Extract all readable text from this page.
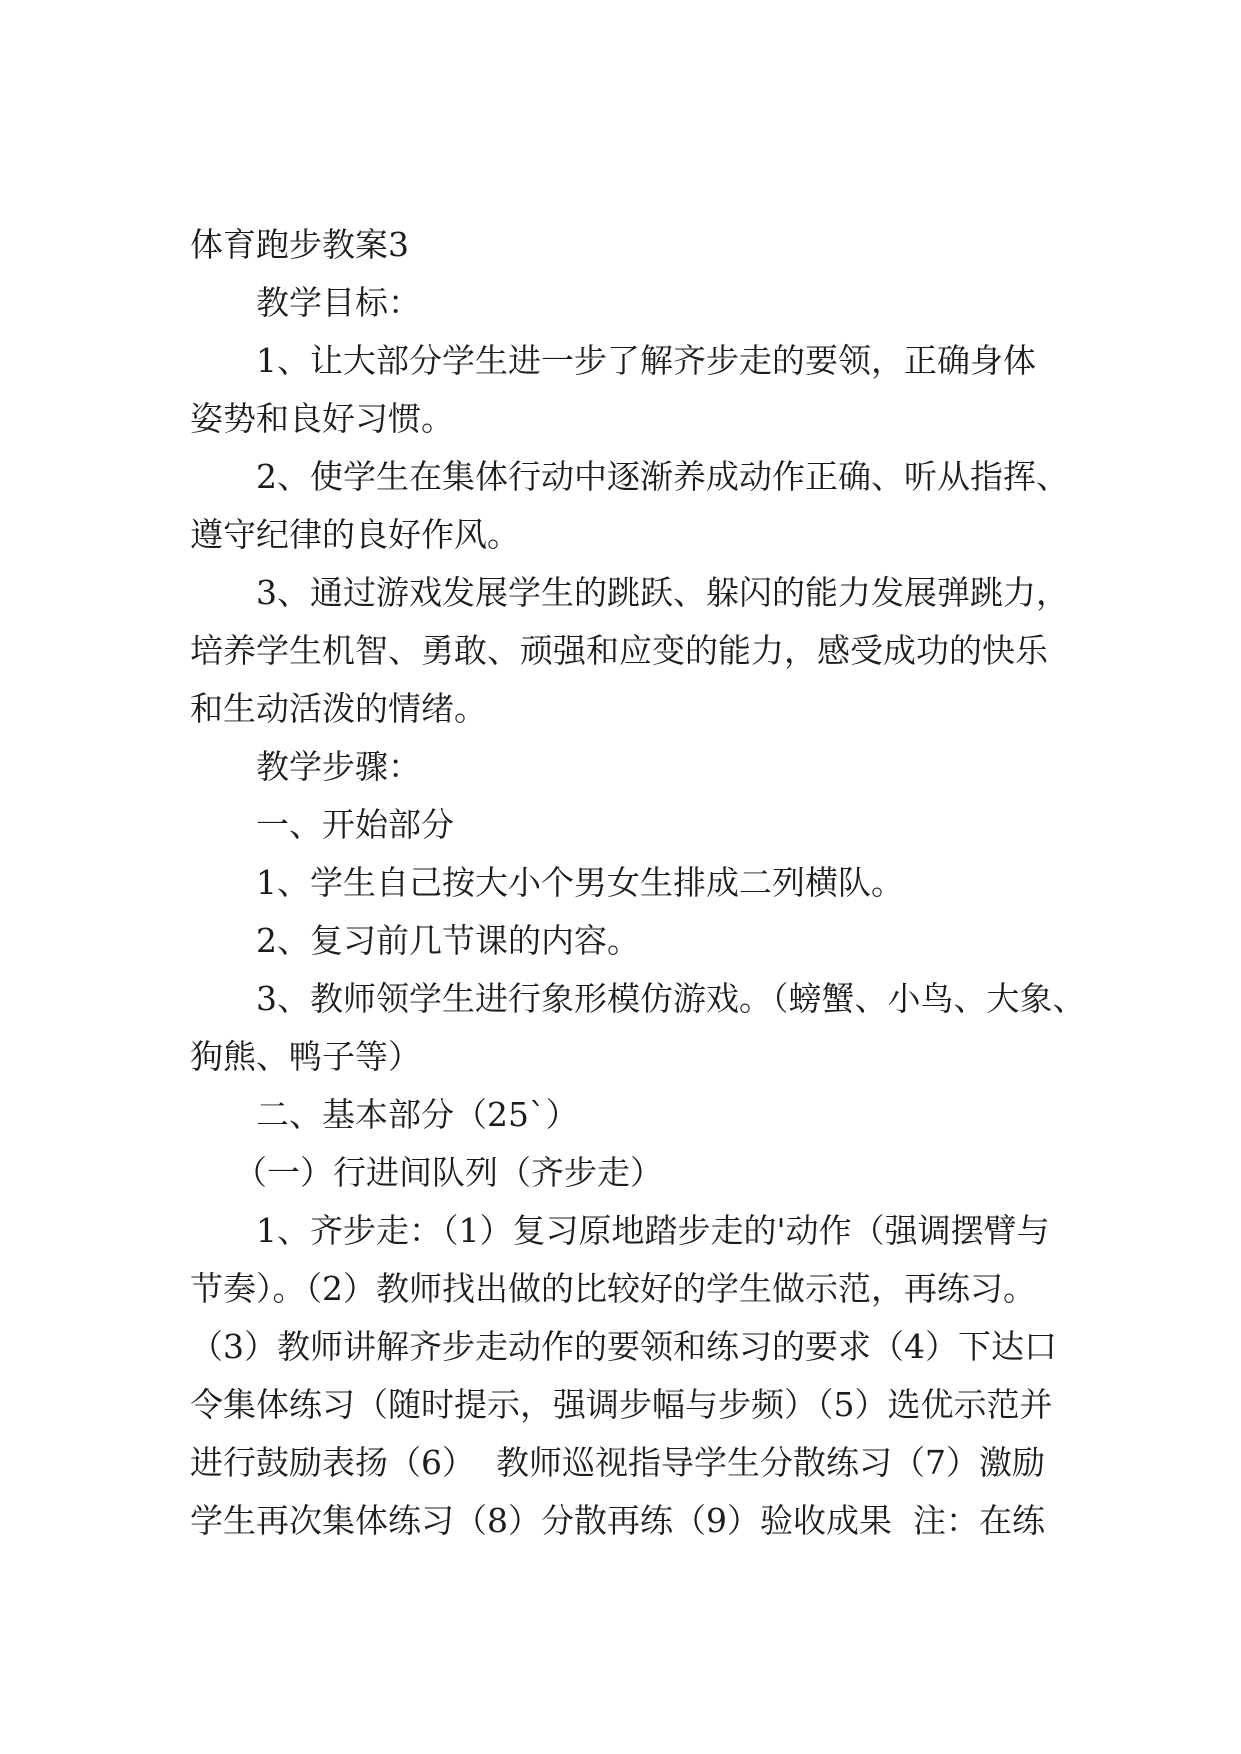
体育跑步教案3
教学目标：
1、让大部分学生进一步了解齐步走的要领，正确身体
姿势和良好习惯。
2、使学生在集体行动中逐渐养成动作正确、听从指挥、
遵守纪律的良好作风。
3、通过游戏发展学生的跳跃、躲闪的能力发展弹跳力，
培养学生机智、勇敢、顽强和应变的能力，感受成功的快乐
和生动活泼的情绪。
教学步骤：
一、开始部分
1、学生自己按大小个男女生排成二列横队。
2、复习前几节课的内容。
3、教师领学生进行象形模仿游戏。（螃蟹、小鸟、大象、
狗熊、鸭子等）
二、基本部分（25`）
（一）行进间队列（齐步走）
1、齐步走：（1）复习原地踏步走的'动作（强调摆臂与
节奏）。（2）教师找出做的比较好的学生做示范，再练习。
（3）教师讲解齐步走动作的要领和练习的要求（4）下达口
令集体练习（随时提示，强调步幅与步频）（5）选优示范并
进行鼓励表扬（6）  教师巡视指导学生分散练习（7）激励
学生再次集体练习（8）分散再练（9）验收成果  注：在练
